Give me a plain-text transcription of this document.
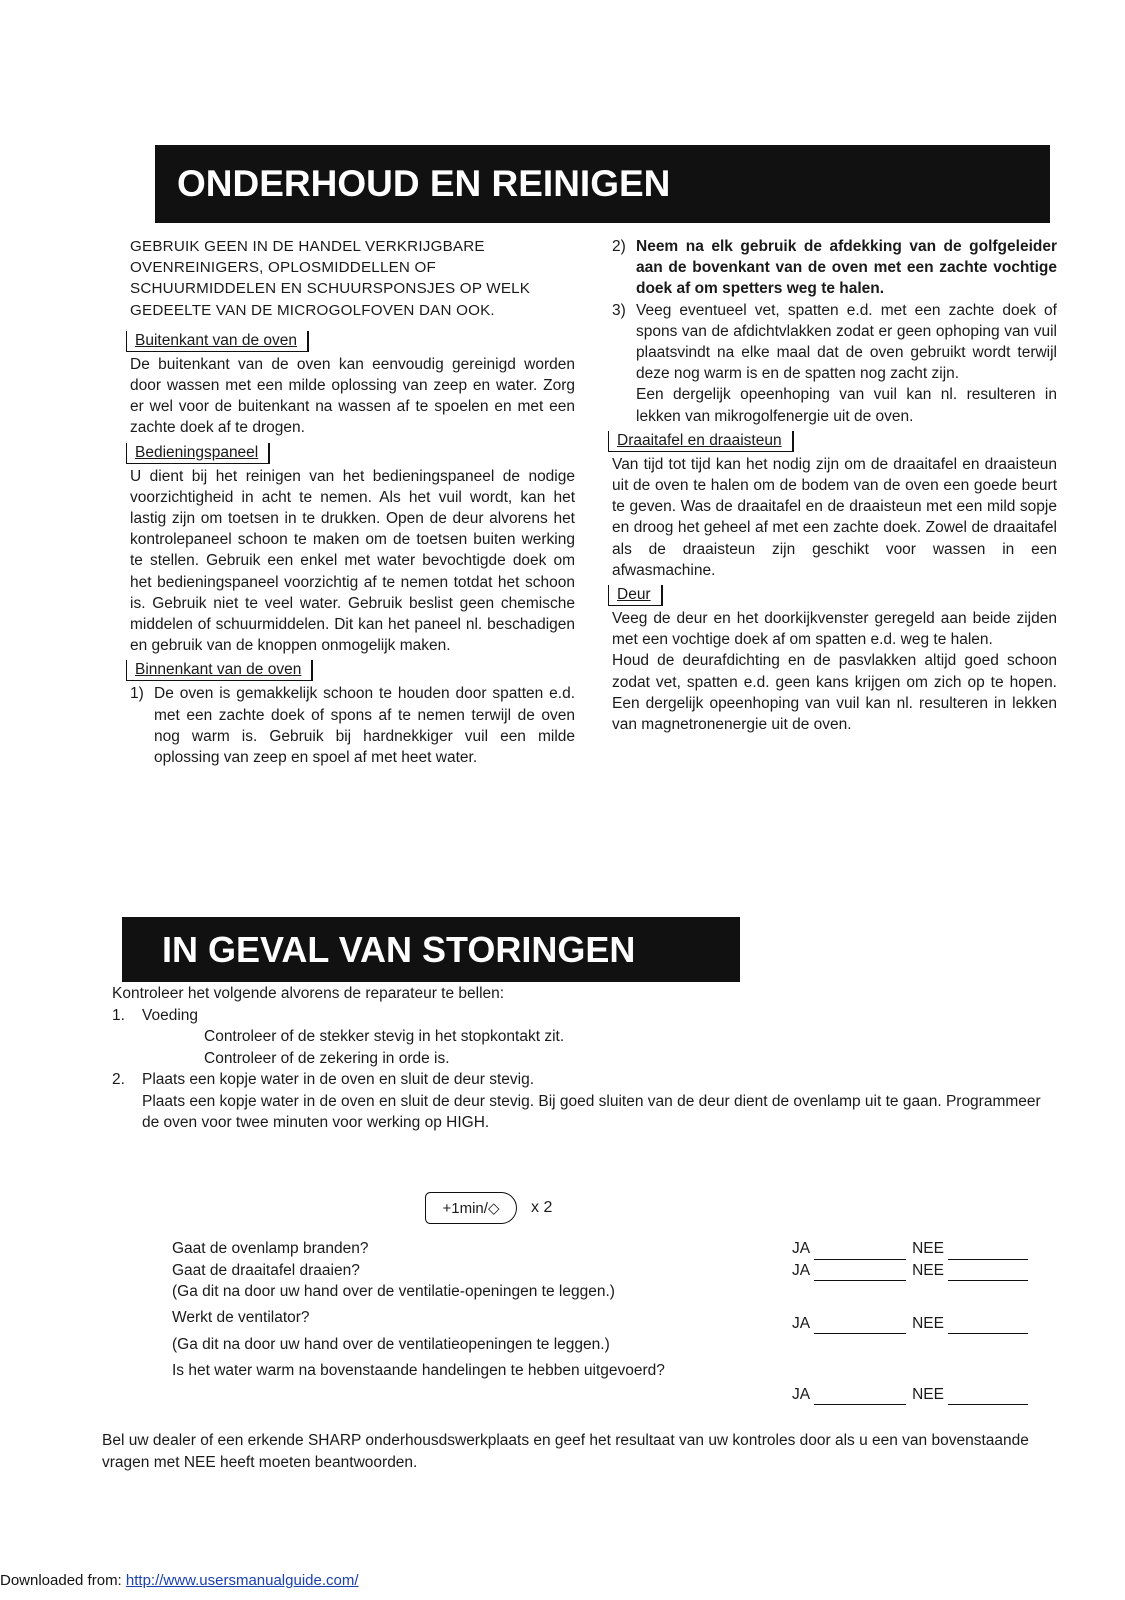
ONDERHOUD EN REINIGEN

GEBRUIK GEEN IN DE HANDEL VERKRIJGBARE OVENREINIGERS, OPLOSMIDDELLEN OF SCHUURMIDDELEN EN SCHUURSPONSJES OP WELK GEDEELTE VAN DE MICROGOLFOVEN DAN OOK.

Buitenkant van de oven

De buitenkant van de oven kan eenvoudig gereinigd worden door wassen met een milde oplossing van zeep en water. Zorg er wel voor de buitenkant na wassen af te spoelen en met een zachte doek af te drogen.

Bedieningspaneel

U dient bij het reinigen van het bedieningspaneel de nodige voorzichtigheid in acht te nemen. Als het vuil wordt, kan het lastig zijn om toetsen in te drukken. Open de deur alvorens het kontrolepaneel schoon te maken om de toetsen buiten werking te stellen. Gebruik een enkel met water bevochtigde doek om het bedieningspaneel voorzichtig af te nemen totdat het schoon is. Gebruik niet te veel water. Gebruik beslist geen chemische middelen of schuurmiddelen. Dit kan het paneel nl. beschadigen en gebruik van de knoppen onmogelijk maken.

Binnenkant van de oven
1) De oven is gemakkelijk schoon te houden door spatten e.d. met een zachte doek of spons af te nemen terwijl de oven nog warm is. Gebruik bij hardnekkiger vuil een milde oplossing van zeep en spoel af met heet water.
2) Neem na elk gebruik de afdekking van de golfgeleider aan de bovenkant van de oven met een zachte vochtige doek af om spetters weg te halen.
3) Veeg eventueel vet, spatten e.d. met een zachte doek of spons van de afdichtvlakken zodat er geen ophoping van vuil plaatsvindt na elke maal dat de oven gebruikt wordt terwijl deze nog warm is en de spatten nog zacht zijn.

Een dergelijk opeenhoping van vuil kan nl. resulteren in lekken van mikrogolfenergie uit de oven.

Draaitafel en draaisteun

Van tijd tot tijd kan het nodig zijn om de draaitafel en draaisteun uit de oven te halen om de bodem van de oven een goede beurt te geven. Was de draaitafel en de draaisteun met een mild sopje en droog het geheel af met een zachte doek. Zowel de draaitafel als de draaisteun zijn geschikt voor wassen in een afwasmachine.

Deur

Veeg de deur en het doorkijkvenster geregeld aan beide zijden met een vochtige doek af om spatten e.d. weg te halen.

Houd de deurafdichting en de pasvlakken altijd goed schoon zodat vet, spatten e.d. geen kans krijgen om zich op te hopen. Een dergelijk opeenhoping van vuil kan nl. resulteren in lekken van magnetronenergie uit de oven.

IN GEVAL VAN STORINGEN

Kontroleer het volgende alvorens de reparateur te bellen:

1.	Voeding

Controleer of de stekker stevig in het stopkontakt zit.

Controleer of de zekering in orde is.

2.	Plaats een kopje water in de oven en sluit de deur stevig.

Plaats een kopje water in de oven en sluit de deur stevig. Bij goed sluiten van de deur dient de ovenlamp uit te gaan. Programmeer de oven voor twee minuten voor werking op HIGH.

+1min/◇	x 2
Gaat de ovenlamp branden?	JA	NEE
Gaat de draaitafel draaien?	JA	NEE
(Ga dit na door uw hand over de ventilatie-openingen te leggen.)
Werkt de ventilator?	JA	NEE
(Ga dit na door uw hand over de ventilatieopeningen te leggen.)
Is het water warm na bovenstaande handelingen te hebben uitgevoerd?
JA	NEE

Bel uw dealer of een erkende SHARP onderhousdswerkplaats en geef het resultaat van uw kontroles door als u een van bovenstaande vragen met NEE heeft moeten beantwoorden.

Downloaded from: http://www.usersmanualguide.com/
